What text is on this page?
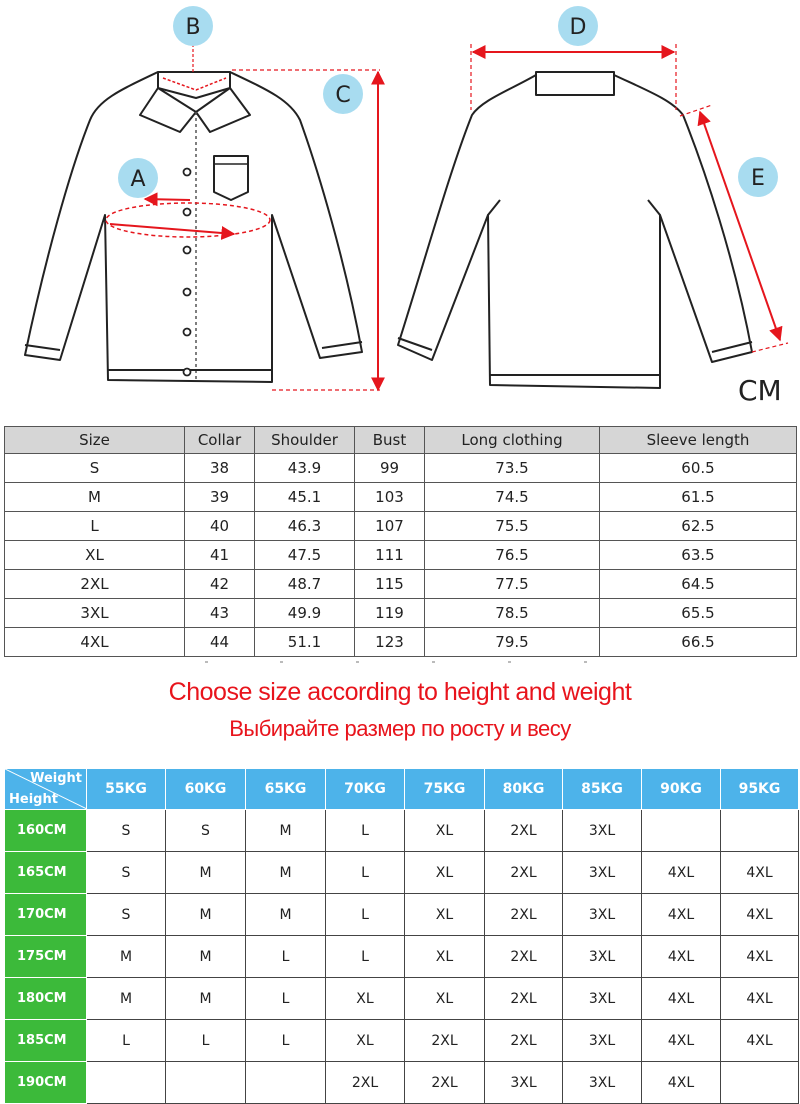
B
C
A
D
E
CM
Size	Collar	Shoulder	Bust	Long clothing	Sleeve length
S	38	43.9	99	73.5	60.5
M	39	45.1	103	74.5	61.5
L	40	46.3	107	75.5	62.5
XL	41	47.5	111	76.5	63.5
2XL	42	48.7	115	77.5	64.5
3XL	43	49.9	119	78.5	65.5
4XL	44	51.1	123	79.5	66.5
Choose size according to height and weight
Выбирайте размер по росту и весу
Weight
Height	55KG	60KG	65KG	70KG	75KG	80KG	85KG	90KG	95KG
160CM	S	S	M	L	XL	2XL	3XL		
165CM	S	M	M	L	XL	2XL	3XL	4XL	4XL
170CM	S	M	M	L	XL	2XL	3XL	4XL	4XL
175CM	M	M	L	L	XL	2XL	3XL	4XL	4XL
180CM	M	M	L	XL	XL	2XL	3XL	4XL	4XL
185CM	L	L	L	XL	2XL	2XL	3XL	4XL	4XL
190CM				2XL	2XL	3XL	3XL	4XL	
